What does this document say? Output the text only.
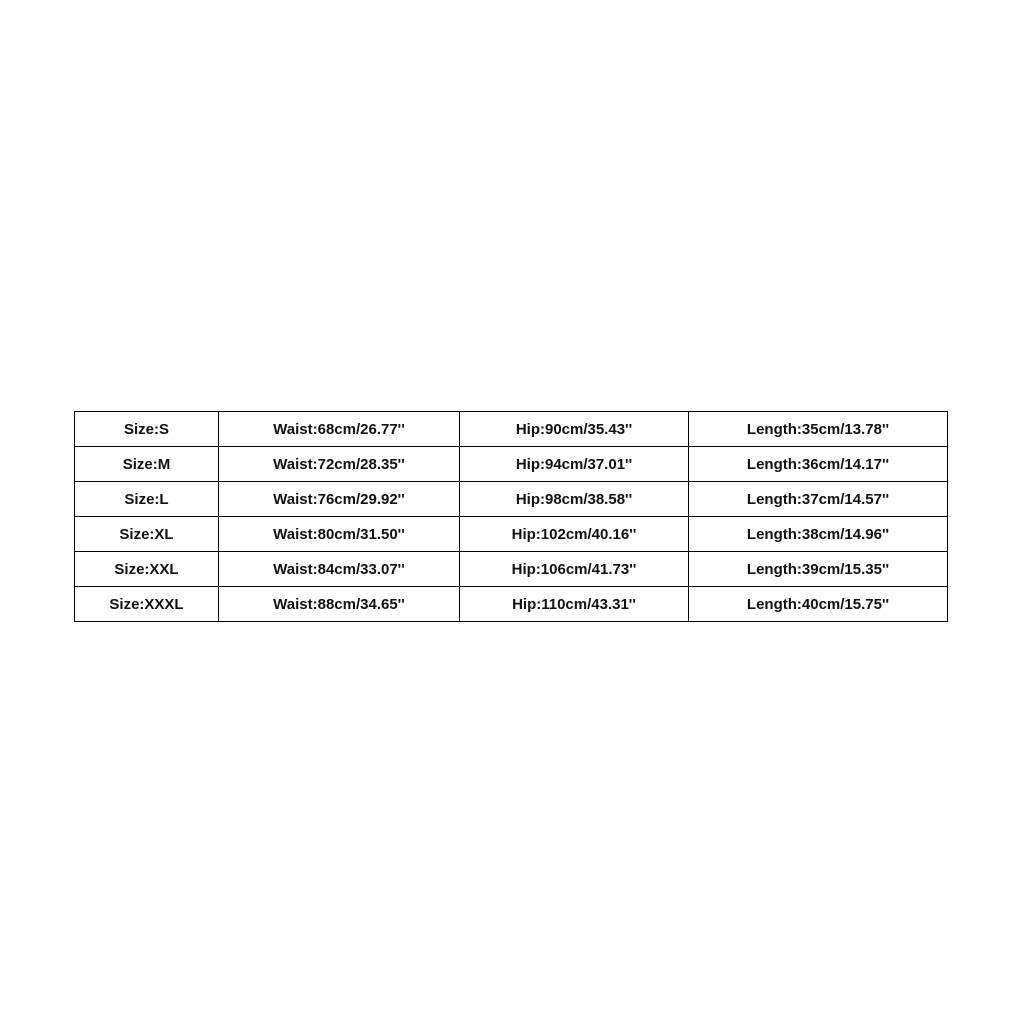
Size:S	Waist:68cm/26.77''	Hip:90cm/35.43''	Length:35cm/13.78''
Size:M	Waist:72cm/28.35''	Hip:94cm/37.01''	Length:36cm/14.17''
Size:L	Waist:76cm/29.92''	Hip:98cm/38.58''	Length:37cm/14.57''
Size:XL	Waist:80cm/31.50''	Hip:102cm/40.16''	Length:38cm/14.96''
Size:XXL	Waist:84cm/33.07''	Hip:106cm/41.73''	Length:39cm/15.35''
Size:XXXL	Waist:88cm/34.65''	Hip:110cm/43.31''	Length:40cm/15.75''
